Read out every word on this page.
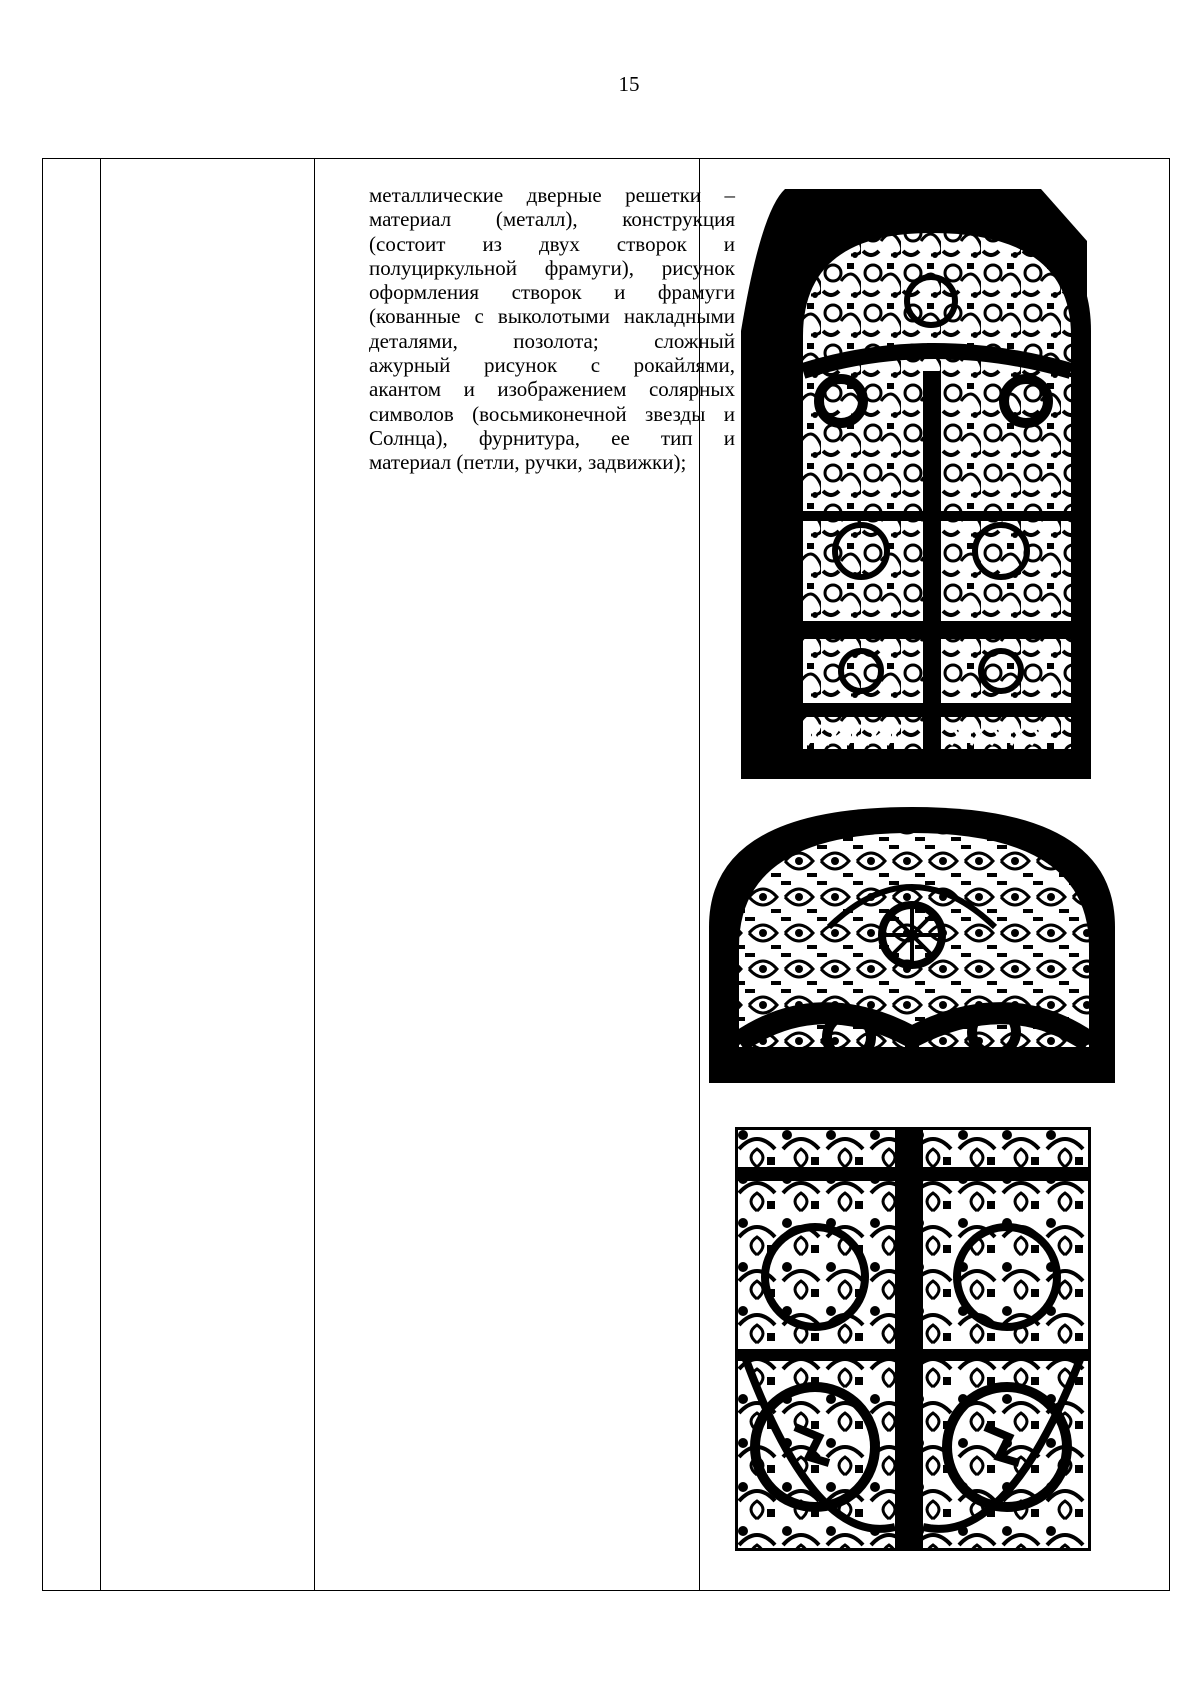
15
металлические дверные решетки –
материал (металл), конструкция
(состоит из двух створок и
полуциркульной фрамуги), рисунок
оформления створок и фрамуги
(кованные с выколотыми накладными
деталями, позолота; сложный
ажурный рисунок с рокайлями,
акантом и изображением солярных
символов (восьмиконечной звезды и
Солнца), фурнитура, ее тип и
материал (петли, ручки, задвижки);
